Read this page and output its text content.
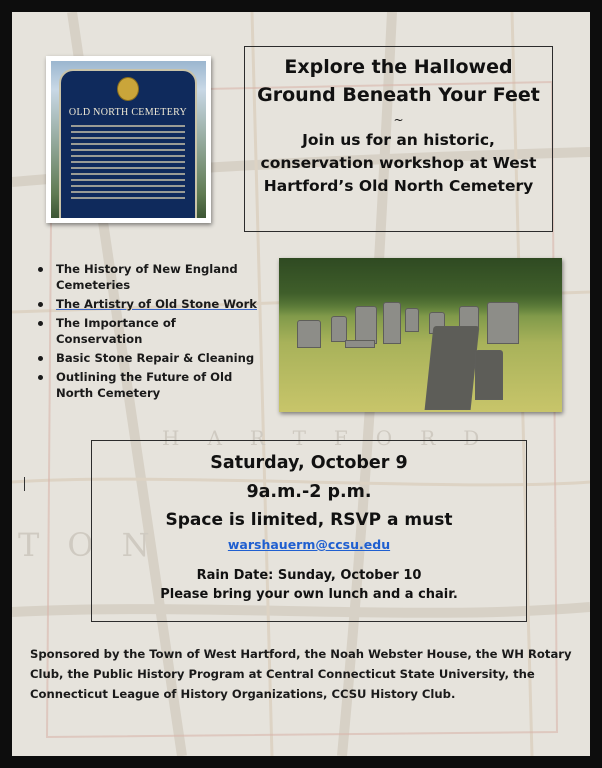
HARTFORD
TON
OLD NORTH CEMETERY
Explore the Hallowed
Ground Beneath Your Feet
~
Join us for an historic,
conservation workshop at West
Hartford’s Old North Cemetery
The History of New England Cemeteries
The Artistry of Old Stone Work
The Importance of Conservation
Basic Stone Repair & Cleaning
Outlining the Future of Old North Cemetery
Saturday, October 9
9a.m.-2 p.m.
Space is limited, RSVP a must
warshauerm@ccsu.edu
Rain Date: Sunday, October 10
Please bring your own lunch and a chair.
Sponsored by the Town of West Hartford, the Noah Webster House, the WH Rotary Club, the Public History Program at Central Connecticut State University, the Connecticut League of History Organizations, CCSU History Club.
